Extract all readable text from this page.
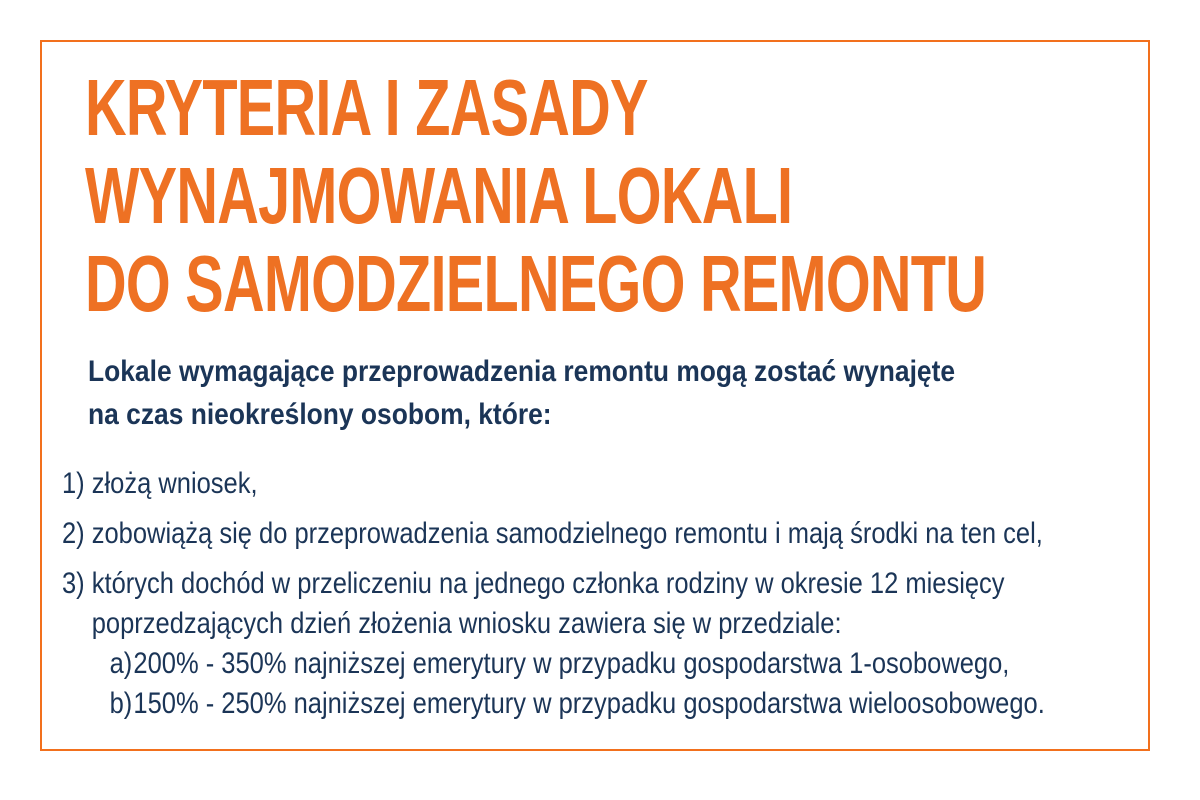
KRYTERIA I ZASADY
WYNAJMOWANIA LOKALI
DO SAMODZIELNEGO REMONTU
Lokale wymagające przeprowadzenia remontu mogą zostać wynajęte
na czas nieokreślony osobom, które:
1) złożą wniosek,
2) zobowiążą się do przeprowadzenia samodzielnego remontu i mają środki na ten cel,
3) których dochód w przeliczeniu na jednego członka rodziny w okresie 12 miesięcy
poprzedzających dzień złożenia wniosku zawiera się w przedziale:
a)200% - 350% najniższej emerytury w przypadku gospodarstwa 1-osobowego,
b)150% - 250% najniższej emerytury w przypadku gospodarstwa wieloosobowego.
